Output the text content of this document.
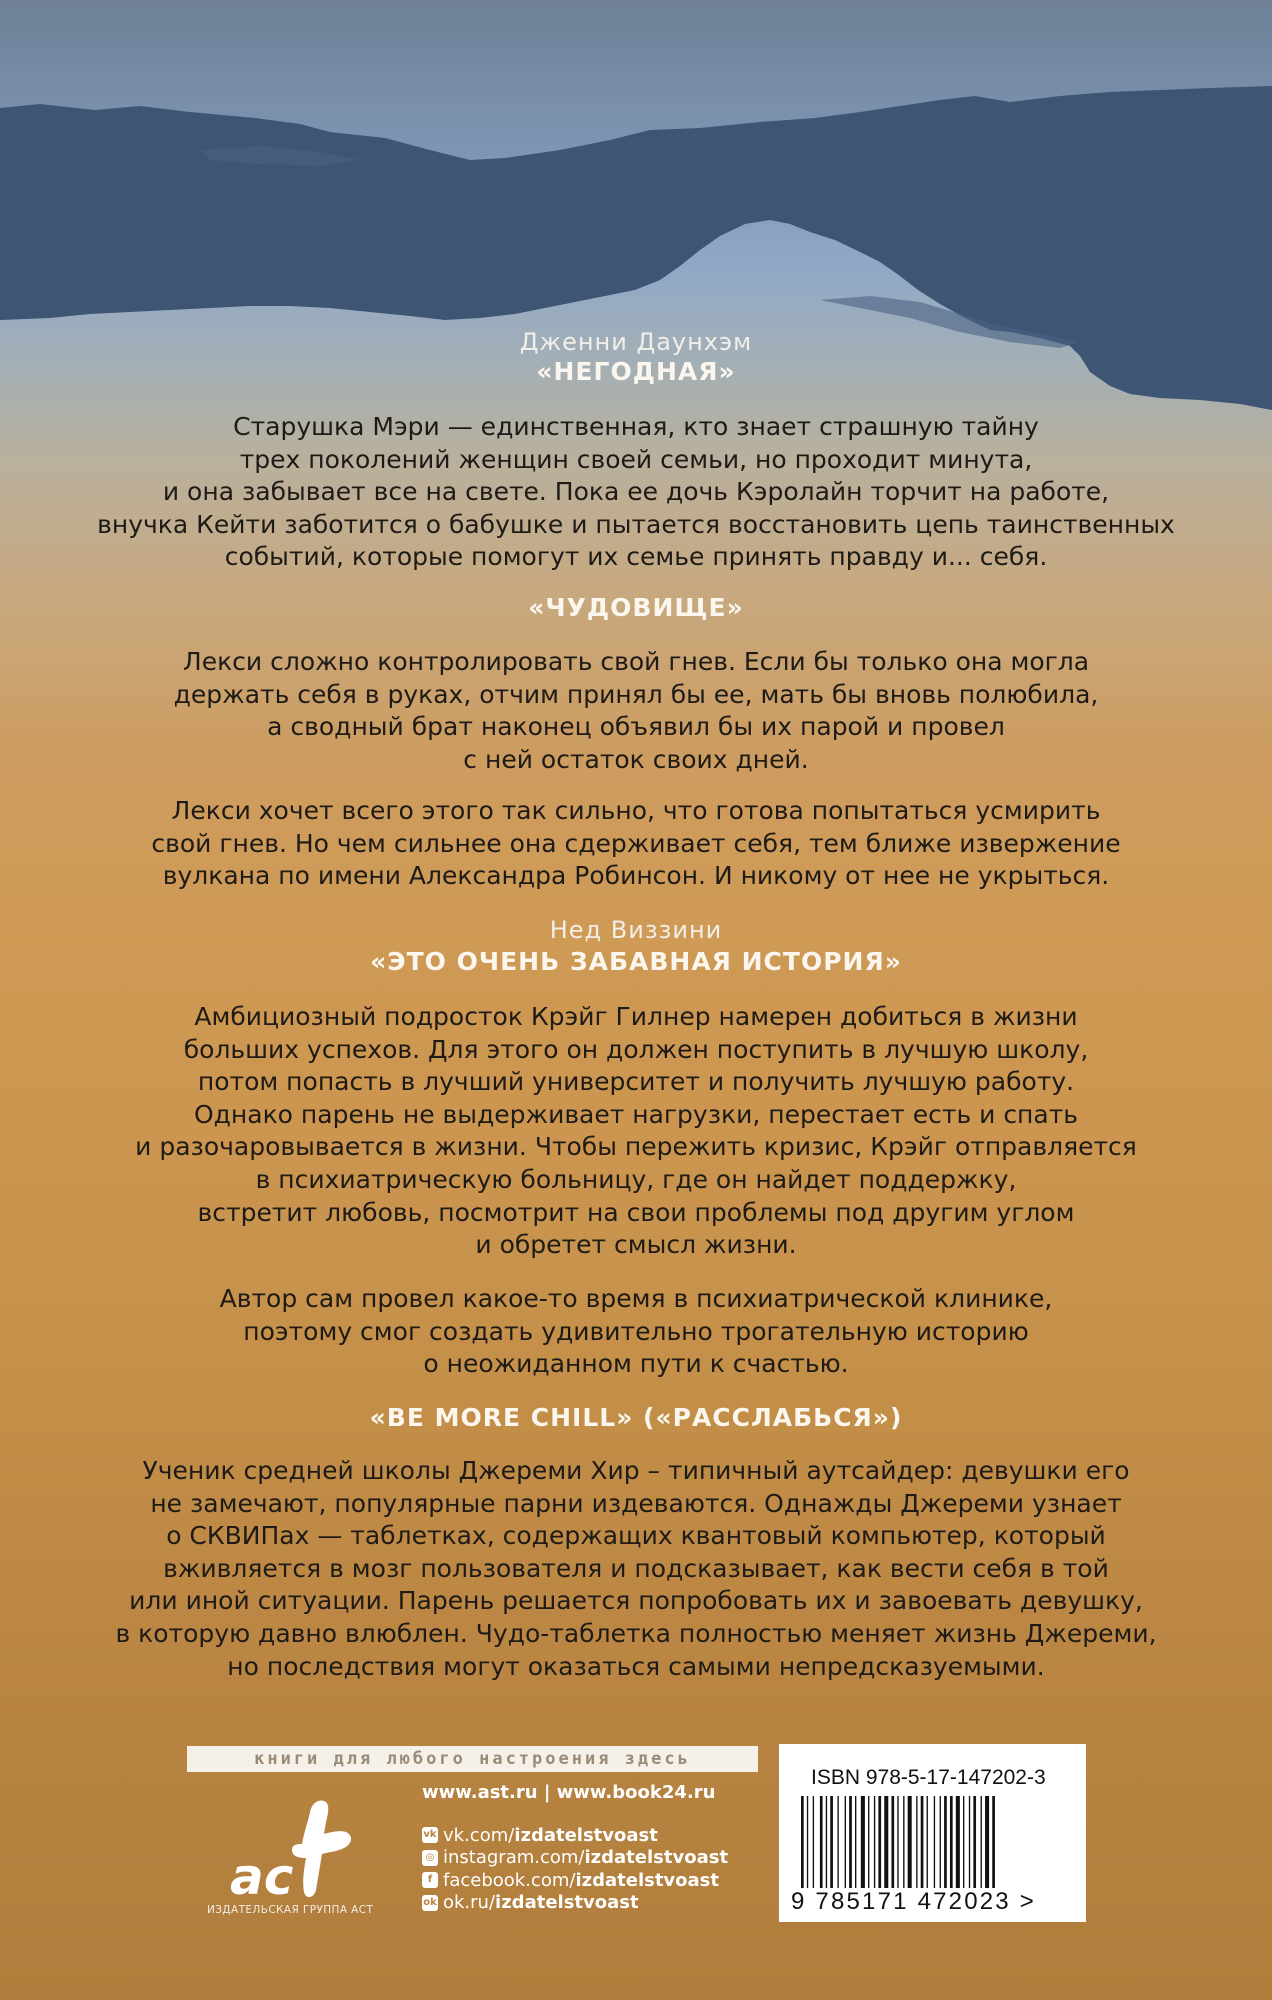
Дженни Даунхэм
«НЕГОДНАЯ»
Старушка Мэри — единственная, кто знает страшную тайну
трех поколений женщин своей семьи, но проходит минута,
и она забывает все на свете. Пока ее дочь Кэролайн торчит на работе,
внучка Кейти заботится о бабушке и пытается восстановить цепь таинственных
событий, которые помогут их семье принять правду и... себя.
«ЧУДОВИЩЕ»
Лекси сложно контролировать свой гнев. Если бы только она могла
держать себя в руках, отчим принял бы ее, мать бы вновь полюбила,
а сводный брат наконец объявил бы их парой и провел
с ней остаток своих дней.
Лекси хочет всего этого так сильно, что готова попытаться усмирить
свой гнев. Но чем сильнее она сдерживает себя, тем ближе извержение
вулкана по имени Александра Робинсон. И никому от нее не укрыться.
Нед Виззини
«ЭТО ОЧЕНЬ ЗАБАВНАЯ ИСТОРИЯ»
Амбициозный подросток Крэйг Гилнер намерен добиться в жизни
больших успехов. Для этого он должен поступить в лучшую школу,
потом попасть в лучший университет и получить лучшую работу.
Однако парень не выдерживает нагрузки, перестает есть и спать
и разочаровывается в жизни. Чтобы пережить кризис, Крэйг отправляется
в психиатрическую больницу, где он найдет поддержку,
встретит любовь, посмотрит на свои проблемы под другим углом
и обретет смысл жизни.
Автор сам провел какое-то время в психиатрической клинике,
поэтому смог создать удивительно трогательную историю
о неожиданном пути к счастью.
«BE MORE CHILL» («РАССЛАБЬСЯ»)
Ученик средней школы Джереми Хир – типичный аутсайдер: девушки его
не замечают, популярные парни издеваются. Однажды Джереми узнает
о СКВИПах — таблетках, содержащих квантовый компьютер, который
вживляется в мозг пользователя и подсказывает, как вести себя в той
или иной ситуации. Парень решается попробовать их и завоевать девушку,
в которую давно влюблен. Чудо-таблетка полностью меняет жизнь Джереми,
но последствия могут оказаться самыми непредсказуемыми.
книги для любого настроения здесь
ас
ИЗДАТЕЛЬСКАЯ ГРУППА АСТ
www.ast.ru | www.book24.ru
vk vk.com/ izdatelstvoast
◎ instagram.com/ izdatelstvoast
f facebook.com/ izdatelstvoast
ok ok.ru/ izdatelstvoast
ISBN 978-5-17-147202-3
9 785171 472023 >
